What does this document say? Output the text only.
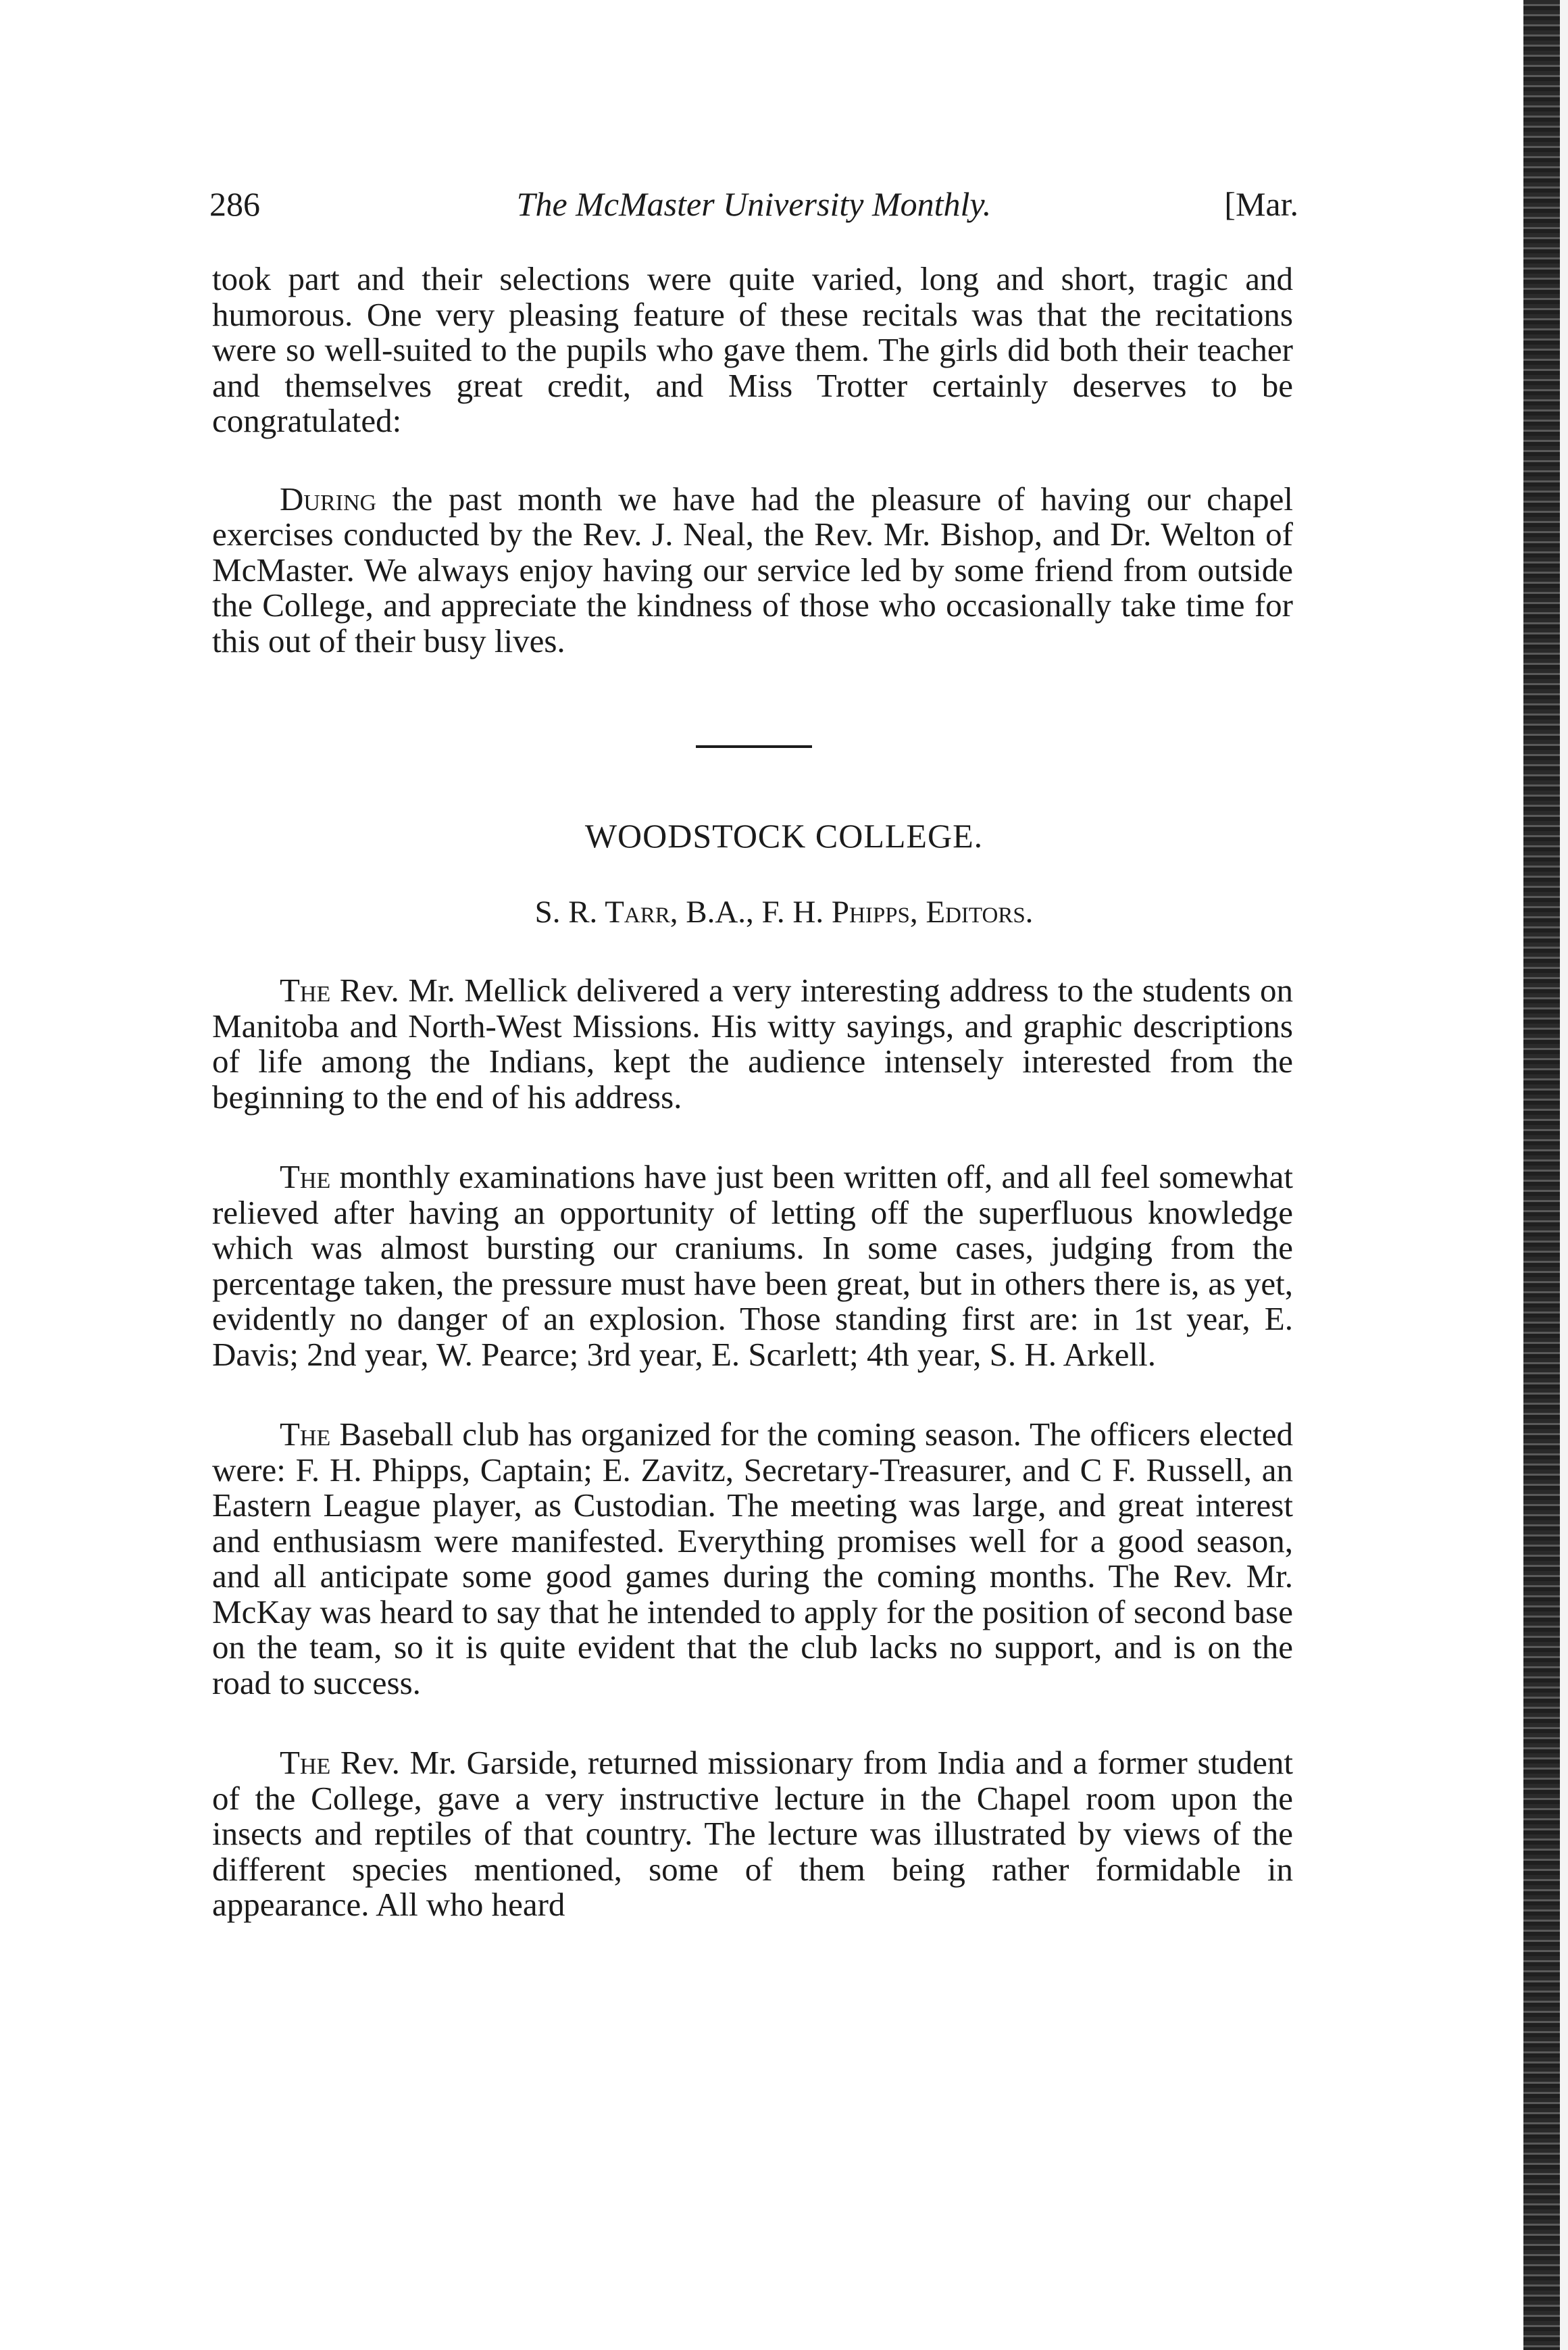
286	The McMaster University Monthly.	[Mar.

took part and their selections were quite varied, long and short, tragic and humorous. One very pleasing feature of these recitals was that the recitations were so well-suited to the pupils who gave them. The girls did both their teacher and themselves great credit, and Miss Trotter certainly deserves to be congratulated:

During the past month we have had the pleasure of having our chapel exercises conducted by the Rev. J. Neal, the Rev. Mr. Bishop, and Dr. Welton of McMaster. We always enjoy having our service led by some friend from outside the College, and appreciate the kindness of those who occasionally take time for this out of their busy lives.

WOODSTOCK COLLEGE.
S. R. Tarr, B.A., F. H. Phipps, Editors.

The Rev. Mr. Mellick delivered a very interesting address to the students on Manitoba and North-West Missions. His witty sayings, and graphic descriptions of life among the Indians, kept the audience intensely interested from the beginning to the end of his address.

The monthly examinations have just been written off, and all feel somewhat relieved after having an opportunity of letting off the superfluous knowledge which was almost bursting our craniums. In some cases, judging from the percentage taken, the pressure must have been great, but in others there is, as yet, evidently no danger of an explosion. Those standing first are: in 1st year, E. Davis; 2nd year, W. Pearce; 3rd year, E. Scarlett; 4th year, S. H. Arkell.

The Baseball club has organized for the coming season. The officers elected were: F. H. Phipps, Captain; E. Zavitz, Secretary-Treasurer, and C F. Russell, an Eastern League player, as Custodian. The meeting was large, and great interest and enthusiasm were manifested. Everything promises well for a good season, and all anticipate some good games during the coming months. The Rev. Mr. McKay was heard to say that he intended to apply for the position of second base on the team, so it is quite evident that the club lacks no support, and is on the road to success.

The Rev. Mr. Garside, returned missionary from India and a former student of the College, gave a very instructive lecture in the Chapel room upon the insects and reptiles of that country. The lecture was illustrated by views of the different species mentioned, some of them being rather formidable in appearance. All who heard
